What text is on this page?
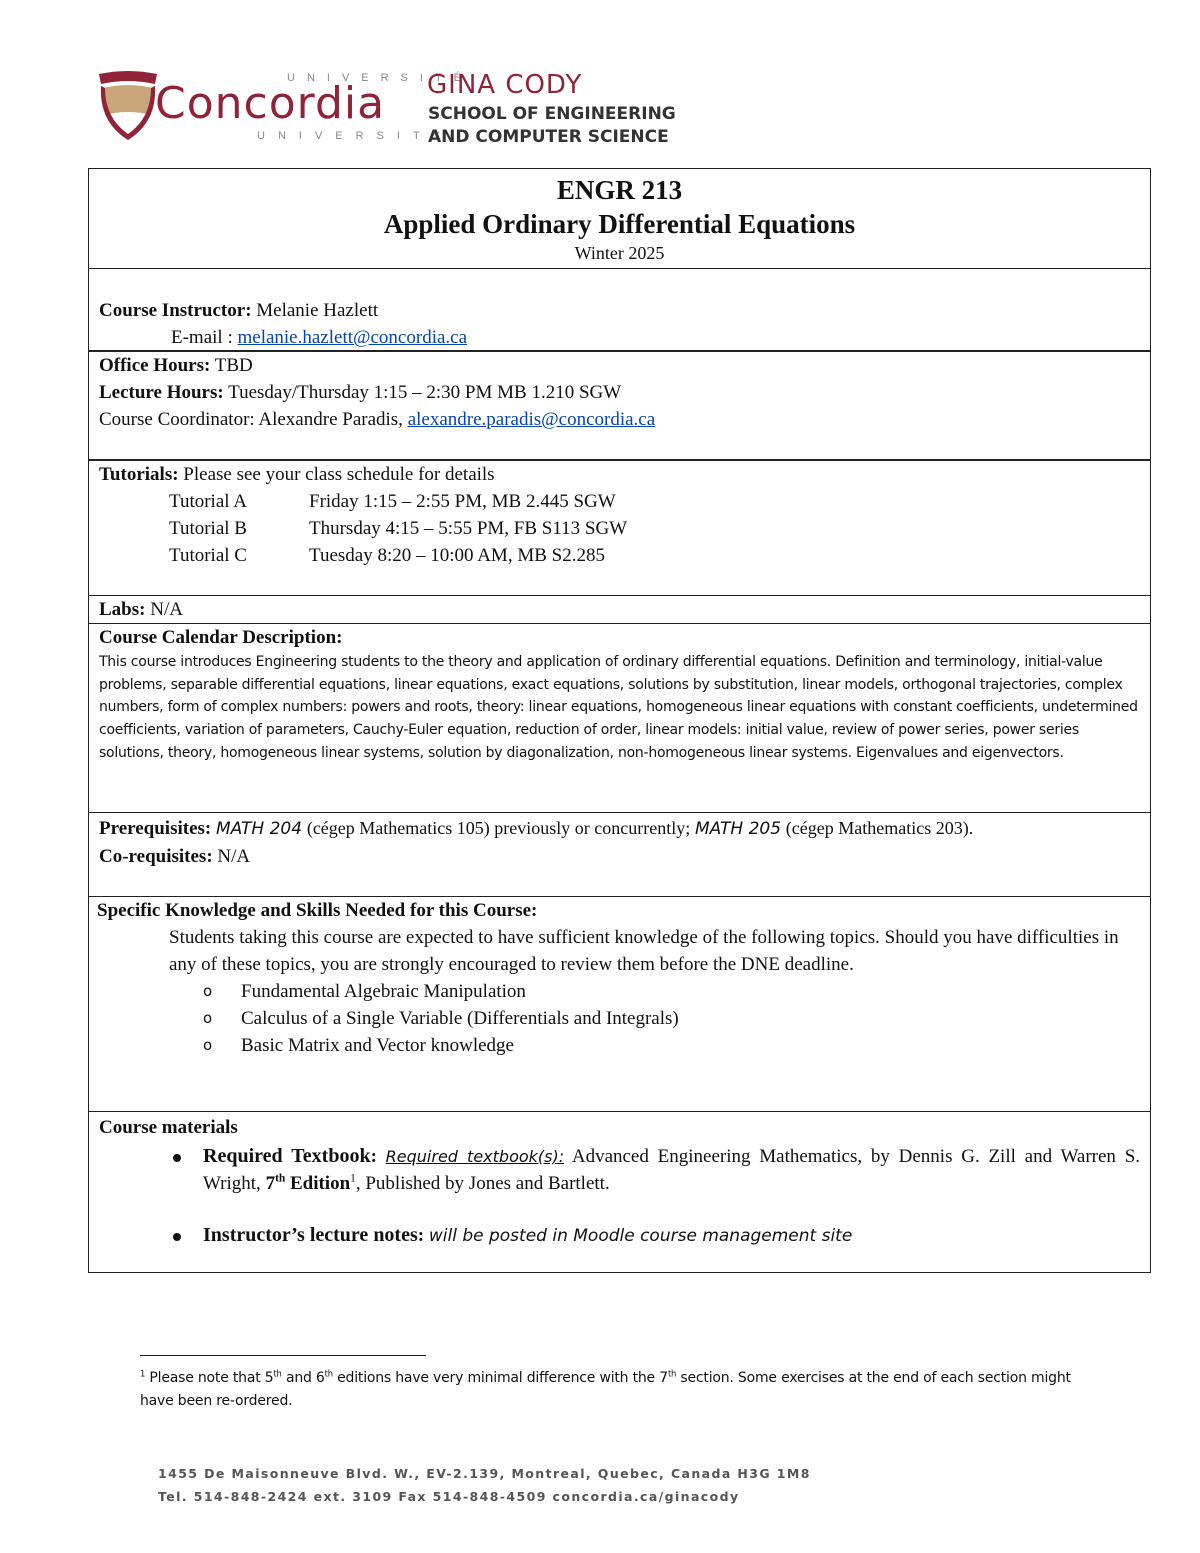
UNIVERSITÉ
Concordia
UNIVERSITY
GINA CODY
SCHOOL OF ENGINEERING
AND COMPUTER SCIENCE
ENGR 213
Applied Ordinary Differential Equations
Winter 2025
Course Instructor: Melanie Hazlett
E-mail : melanie.hazlett@concordia.ca
Office Hours: TBD
Lecture Hours: Tuesday/Thursday 1:15 – 2:30 PM MB 1.210 SGW
Course Coordinator: Alexandre Paradis, alexandre.paradis@concordia.ca
Tutorials: Please see your class schedule for details
Tutorial A	Friday 1:15 – 2:55 PM, MB 2.445 SGW
Tutorial B	Thursday 4:15 – 5:55 PM, FB S113 SGW
Tutorial C	Tuesday 8:20 – 10:00 AM, MB S2.285
Labs: N/A
Course Calendar Description:
This course introduces Engineering students to the theory and application of ordinary differential equations. Definition and terminology, initial-value problems, separable differential equations, linear equations, exact equations, solutions by substitution, linear models, orthogonal trajectories, complex numbers, form of complex numbers: powers and roots, theory: linear equations, homogeneous linear equations with constant coefficients, undetermined coefficients, variation of parameters, Cauchy-Euler equation, reduction of order, linear models: initial value, review of power series, power series solutions, theory, homogeneous linear systems, solution by diagonalization, non-homogeneous linear systems. Eigenvalues and eigenvectors.
Prerequisites: MATH 204 (cégep Mathematics 105) previously or concurrently; MATH 205 (cégep Mathematics 203).
Co-requisites: N/A
Specific Knowledge and Skills Needed for this Course:
Students taking this course are expected to have sufficient knowledge of the following topics. Should you have difficulties in any of these topics, you are strongly encouraged to review them before the DNE deadline.
o Fundamental Algebraic Manipulation
o Calculus of a Single Variable (Differentials and Integrals)
o Basic Matrix and Vector knowledge
Course materials
Required Textbook: Required textbook(s): Advanced Engineering Mathematics, by Dennis G. Zill and Warren S. Wright, 7th Edition$^1$, Published by Jones and Bartlett.
Instructor’s lecture notes: will be posted in Moodle course management site
$^1$ Please note that 5th and 6th editions have very minimal difference with the 7th section. Some exercises at the end of each section might have been re-ordered.
1455 De Maisonneuve Blvd. W., EV-2.139, Montreal, Quebec, Canada H3G 1M8
Tel. 514-848-2424 ext. 3109 Fax 514-848-4509 concordia.ca/ginacody
